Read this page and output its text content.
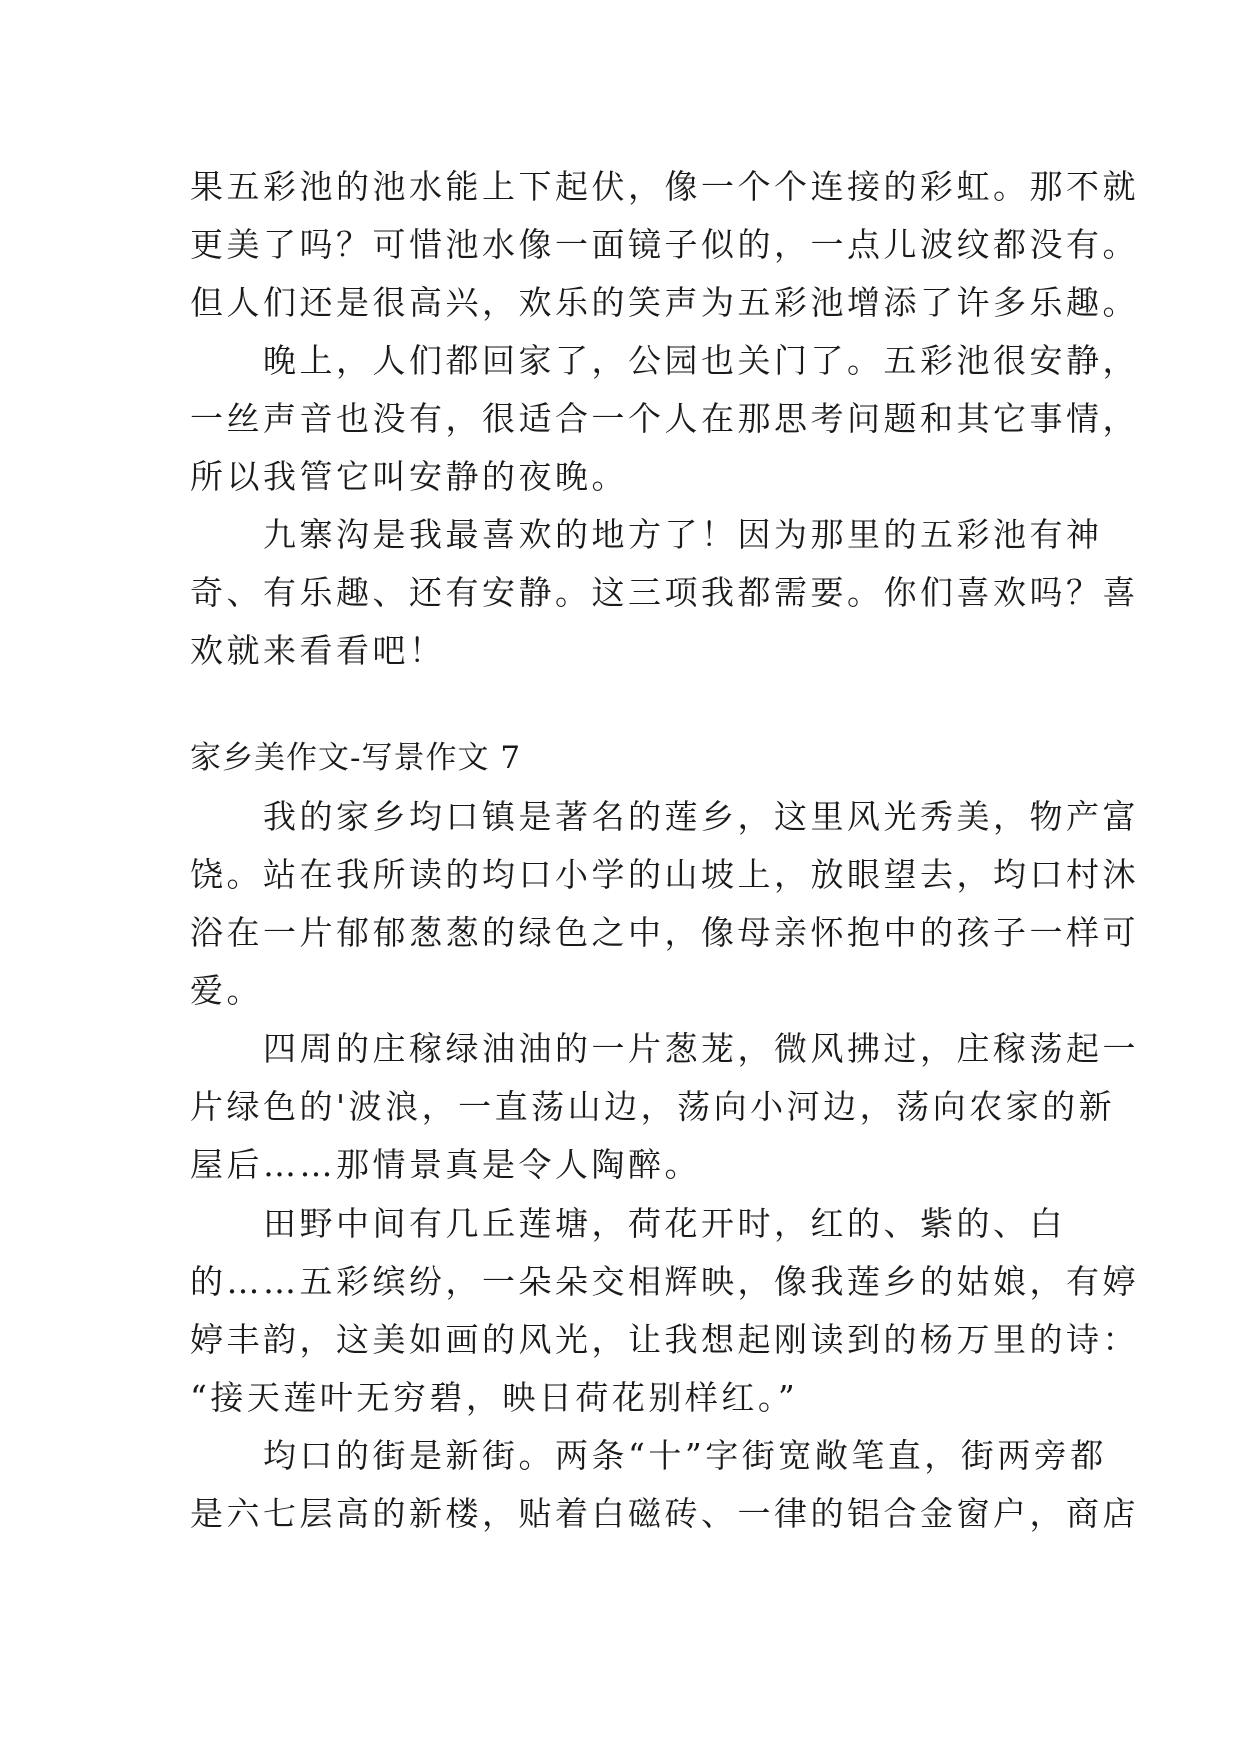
果五彩池的池水能上下起伏，像一个个连接的彩虹。那不就
更美了吗？可惜池水像一面镜子似的，一点儿波纹都没有。
但人们还是很高兴，欢乐的笑声为五彩池增添了许多乐趣。
　　晚上，人们都回家了，公园也关门了。五彩池很安静，
一丝声音也没有，很适合一个人在那思考问题和其它事情，
所以我管它叫安静的夜晚。
　　九寨沟是我最喜欢的地方了！因为那里的五彩池有神
奇、有乐趣、还有安静。这三项我都需要。你们喜欢吗？喜
欢就来看看吧！
家乡美作文-写景作文 7
　　我的家乡均口镇是著名的莲乡，这里风光秀美，物产富
饶。站在我所读的均口小学的山坡上，放眼望去，均口村沐
浴在一片郁郁葱葱的绿色之中，像母亲怀抱中的孩子一样可
爱。
　　四周的庄稼绿油油的一片葱茏，微风拂过，庄稼荡起一
片绿色的'波浪，一直荡山边，荡向小河边，荡向农家的新
屋后……那情景真是令人陶醉。
　　田野中间有几丘莲塘，荷花开时，红的、紫的、白
的……五彩缤纷，一朵朵交相辉映，像我莲乡的姑娘，有婷
婷丰韵，这美如画的风光，让我想起刚读到的杨万里的诗：
“接天莲叶无穷碧，映日荷花别样红。”
　　均口的街是新街。两条“十”字街宽敞笔直，街两旁都
是六七层高的新楼，贴着白磁砖、一律的铝合金窗户，商店
